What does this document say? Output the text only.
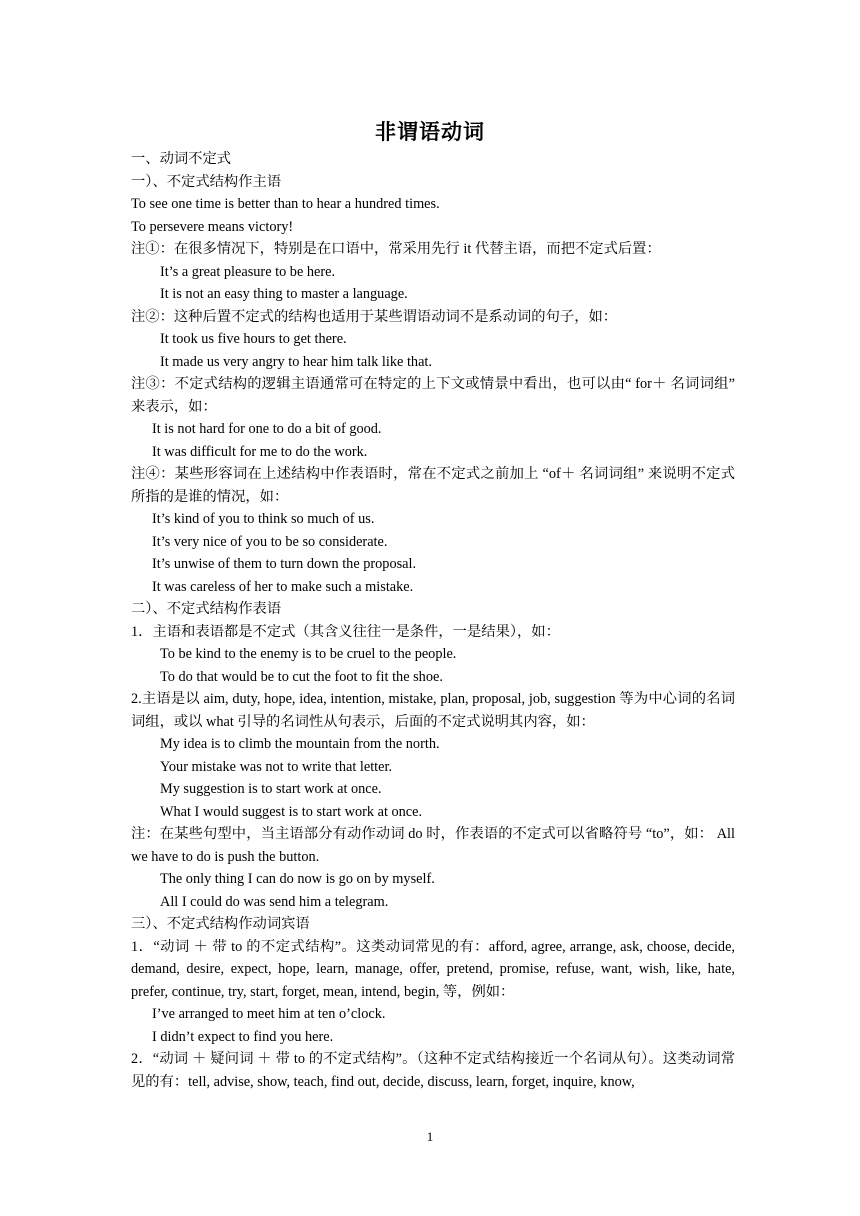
非谓语动词

一、动词不定式

一）、不定式结构作主语

To see one time is better than to hear a hundred times.

To persevere means victory!

注①：在很多情况下，特别是在口语中，常采用先行 it 代替主语，而把不定式后置：

It’s a great pleasure to be here.

It is not an easy thing to master a language.

注②：这种后置不定式的结构也适用于某些谓语动词不是系动词的句子，如：

It took us five hours to get there.

It made us very angry to hear him talk like that.

注③：不定式结构的逻辑主语通常可在特定的上下文或情景中看出，也可以由“ for＋ 名词词组” 来表示，如：

It is not hard for one to do a bit of good.

It was difficult for me to do the work.

注④：某些形容词在上述结构中作表语时，常在不定式之前加上 “of＋ 名词词组” 来说明不定式所指的是谁的情况，如：

It’s kind of you to think so much of us.

It’s very nice of you to be so considerate.

It’s unwise of them to turn down the proposal.

It was careless of her to make such a mistake.

二）、不定式结构作表语

1．主语和表语都是不定式（其含义往往一是条件，一是结果），如：

To be kind to the enemy is to be cruel to the people.

To do that would be to cut the foot to fit the shoe.

2.主语是以 aim, duty, hope, idea, intention, mistake, plan, proposal, job, suggestion 等为中心词的名词词组，或以 what 引导的名词性从句表示，后面的不定式说明其内容，如：

My idea is to climb the mountain from the north.

Your mistake was not to write that letter.

My suggestion is to start work at once.

What I would suggest is to start work at once.

注：在某些句型中，当主语部分有动作动词 do 时，作表语的不定式可以省略符号 “to”，如： All we have to do is push the button.

The only thing I can do now is go on by myself.

All I could do was send him a telegram.

三）、不定式结构作动词宾语

1．“动词 ＋ 带 to 的不定式结构”。这类动词常见的有：afford, agree, arrange, ask, choose, decide, demand, desire, expect, hope, learn, manage, offer, pretend, promise, refuse, want, wish, like, hate, prefer, continue, try, start, forget, mean, intend, begin, 等，例如：

I’ve arranged to meet him at ten o’clock.

I didn’t expect to find you here.

2．“动词 ＋ 疑问词 ＋ 带 to 的不定式结构”。（这种不定式结构接近一个名词从句）。这类动词常见的有：tell, advise, show, teach, find out, decide, discuss, learn, forget, inquire, know,

1
